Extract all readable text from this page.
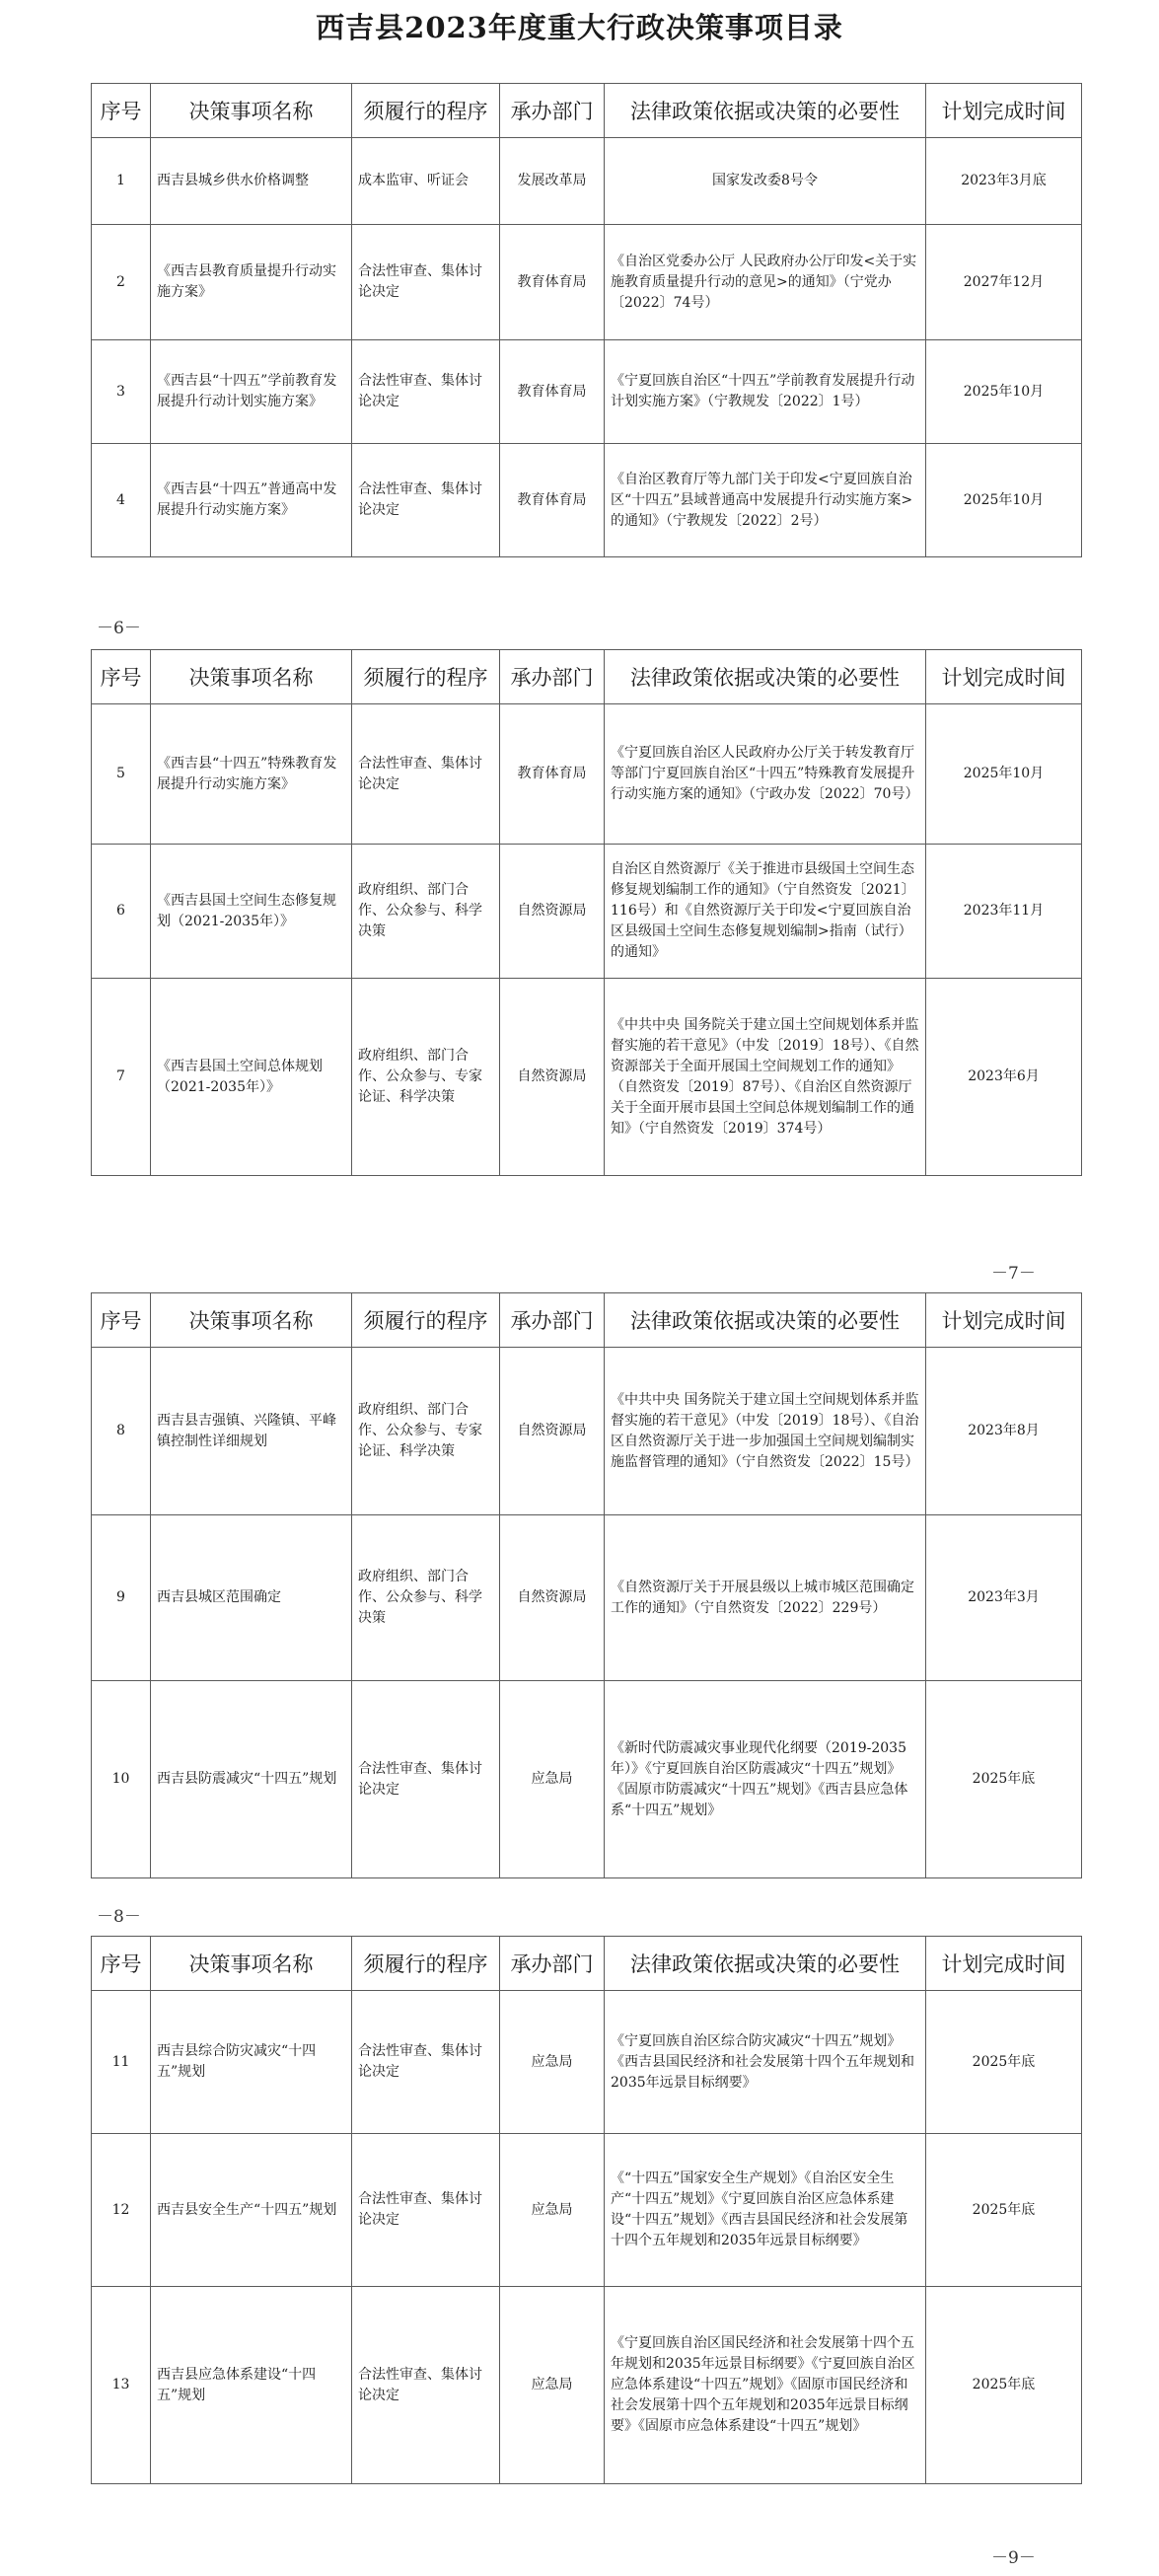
西吉县2023年度重大行政决策事项目录
序号	决策事项名称	须履行的程序	承办部门	法律政策依据或决策的必要性	计划完成时间
1	西吉县城乡供水价格调整	成本监审、听证会	发展改革局	国家发改委8号令	2023年3月底
2	《西吉县教育质量提升行动实施方案》	合法性审查、集体讨论决定	教育体育局	《自治区党委办公厅 人民政府办公厅印发<关于实施教育质量提升行动的意见>的通知》（宁党办〔2022〕74号）	2027年12月
3	《西吉县“十四五”学前教育发展提升行动计划实施方案》	合法性审查、集体讨论决定	教育体育局	《宁夏回族自治区“十四五”学前教育发展提升行动计划实施方案》（宁教规发〔2022〕1号）	2025年10月
4	《西吉县“十四五”普通高中发展提升行动实施方案》	合法性审查、集体讨论决定	教育体育局	《自治区教育厅等九部门关于印发<宁夏回族自治区“十四五”县域普通高中发展提升行动实施方案>的通知》（宁教规发〔2022〕2号）	2025年10月
－6－
序号	决策事项名称	须履行的程序	承办部门	法律政策依据或决策的必要性	计划完成时间
5	《西吉县“十四五”特殊教育发展提升行动实施方案》	合法性审查、集体讨论决定	教育体育局	《宁夏回族自治区人民政府办公厅关于转发教育厅等部门宁夏回族自治区“十四五”特殊教育发展提升行动实施方案的通知》（宁政办发〔2022〕70号）	2025年10月
6	《西吉县国土空间生态修复规划（2021-2035年）》	政府组织、部门合作、公众参与、科学决策	自然资源局	自治区自然资源厅《关于推进市县级国土空间生态修复规划编制工作的通知》（宁自然资发〔2021〕116号）和《自然资源厅关于印发<宁夏回族自治区县级国土空间生态修复规划编制>指南（试行）的通知》	2023年11月
7	《西吉县国土空间总体规划（2021-2035年）》	政府组织、部门合作、公众参与、专家论证、科学决策	自然资源局	《中共中央 国务院关于建立国土空间规划体系并监督实施的若干意见》（中发〔2019〕18号）、《自然资源部关于全面开展国土空间规划工作的通知》（自然资发〔2019〕87号）、《自治区自然资源厅关于全面开展市县国土空间总体规划编制工作的通知》（宁自然资发〔2019〕374号）	2023年6月
－7－
序号	决策事项名称	须履行的程序	承办部门	法律政策依据或决策的必要性	计划完成时间
8	西吉县吉强镇、兴隆镇、平峰镇控制性详细规划	政府组织、部门合作、公众参与、专家论证、科学决策	自然资源局	《中共中央 国务院关于建立国土空间规划体系并监督实施的若干意见》（中发〔2019〕18号）、《自治区自然资源厅关于进一步加强国土空间规划编制实施监督管理的通知》（宁自然资发〔2022〕15号）	2023年8月
9	西吉县城区范围确定	政府组织、部门合作、公众参与、科学决策	自然资源局	《自然资源厅关于开展县级以上城市城区范围确定工作的通知》（宁自然资发〔2022〕229号）	2023年3月
10	西吉县防震减灾“十四五”规划	合法性审查、集体讨论决定	应急局	《新时代防震减灾事业现代化纲要（2019-2035年）》《宁夏回族自治区防震减灾“十四五”规划》《固原市防震减灾“十四五”规划》《西吉县应急体系“十四五”规划》	2025年底
－8－
序号	决策事项名称	须履行的程序	承办部门	法律政策依据或决策的必要性	计划完成时间
11	西吉县综合防灾减灾“十四五”规划	合法性审查、集体讨论决定	应急局	《宁夏回族自治区综合防灾减灾“十四五”规划》《西吉县国民经济和社会发展第十四个五年规划和2035年远景目标纲要》	2025年底
12	西吉县安全生产“十四五”规划	合法性审查、集体讨论决定	应急局	《“十四五”国家安全生产规划》《自治区安全生产“十四五”规划》《宁夏回族自治区应急体系建设“十四五”规划》《西吉县国民经济和社会发展第十四个五年规划和2035年远景目标纲要》	2025年底
13	西吉县应急体系建设“十四五”规划	合法性审查、集体讨论决定	应急局	《宁夏回族自治区国民经济和社会发展第十四个五年规划和2035年远景目标纲要》《宁夏回族自治区应急体系建设“十四五”规划》《固原市国民经济和社会发展第十四个五年规划和2035年远景目标纲要》《固原市应急体系建设“十四五”规划》	2025年底
－9－
